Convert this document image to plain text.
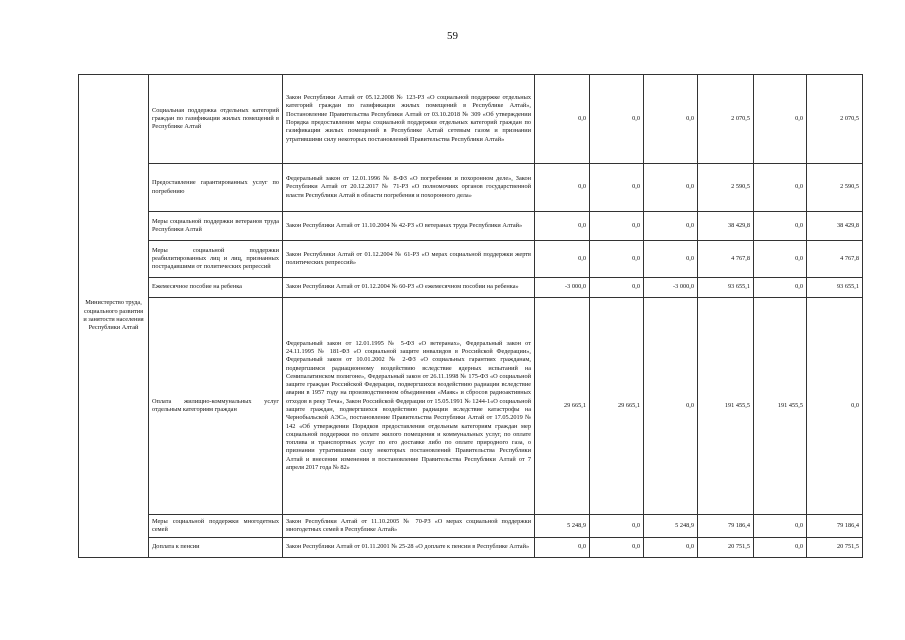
59
Министерство труда, социального развития и занятости населения Республики Алтай	Социальная поддержка отдельных категорий граждан по газификации жилых помещений в Республике Алтай	Закон Республики Алтай от 05.12.2008 № 123-РЗ «О социальной поддержке отдельных категорий граждан по газификации жилых помещений в Республике Алтай», Постановление Правительства Республики Алтай от 03.10.2018 № 309 «Об утверждении Порядка предоставления меры социальной поддержки отдельных категорий граждан по газификации жилых помещений в Республике Алтай сетевым газом и признании утратившими силу некоторых постановлений Правительства Республики Алтай»	0,0	0,0	0,0	2 070,5	0,0	2 070,5
	Предоставление гарантированных услуг по погребению	Федеральный закон от 12.01.1996 № 8-ФЗ «О погребении и похоронном деле», Закон Республики Алтай от 20.12.2017 № 71-РЗ «О полномочиях органов государственной власти Республики Алтай в области погребения и похоронного дела»	0,0	0,0	0,0	2 590,5	0,0	2 590,5
	Меры социальной поддержки ветеранов труда Республики Алтай	Закон Республики Алтай от 11.10.2004 № 42-РЗ «О ветеранах труда Республики Алтай»	0,0	0,0	0,0	38 429,8	0,0	38 429,8
	Меры социальной поддержки реабилитированных лиц и лиц, признанных пострадавшими от политических репрессий	Закон Республики Алтай от 01.12.2004 № 61-РЗ «О мерах социальной поддержки жертв политических репрессий»	0,0	0,0	0,0	4 767,8	0,0	4 767,8
	Ежемесячное пособие на ребенка	Закон Республики Алтай от 01.12.2004 № 60-РЗ «О ежемесячном пособии на ребенка»	-3 000,0	0,0	-3 000,0	93 655,1	0,0	93 655,1
	Оплата жилищно-коммунальных услуг отдельным категориям граждан	Федеральный закон от 12.01.1995 № 5-ФЗ «О ветеранах», Федеральный закон от 24.11.1995 № 181-ФЗ «О социальной защите инвалидов в Российской Федерации», Федеральный закон от 10.01.2002 № 2-ФЗ «О социальных гарантиях гражданам, подвергшимся радиационному воздействию вследствие ядерных испытаний на Семипалатинском полигоне», Федеральный закон от 26.11.1998 № 175-ФЗ «О социальной защите граждан Российской Федерации, подвергшихся воздействию радиации вследствие аварии в 1957 году на производственном объединении «Маяк» и сбросов радиоактивных отходов в реку Теча», Закон Российской Федерации от 15.05.1991 № 1244-1«О социальной защите граждан, подвергшихся воздействию радиации вследствие катастрофы на Чернобыльской АЭС», постановление Правительства Республики Алтай от 17.05.2019 № 142 «Об утверждении Порядков предоставления отдельным категориям граждан мер социальной поддержки по оплате жилого помещения и коммунальных услуг, по оплате топлива и транспортных услуг по его доставке либо по оплате природного газа, о признании утратившими силу некоторых постановлений Правительства Республики Алтай и внесении изменения в постановление Правительства Республики Алтай от 7 апреля 2017 года № 82»	29 665,1	29 665,1	0,0	191 455,5	191 455,5	0,0
	Меры социальной поддержки многодетных семей	Закон Республики Алтай от 11.10.2005 № 70-РЗ «О мерах социальной поддержки многодетных семей в Республике Алтай»	5 248,9	0,0	5 248,9	79 186,4	0,0	79 186,4
	Доплата к пенсии	Закон Республики Алтай от 01.11.2001 № 25-28 «О доплате к пенсии в Республике Алтай»	0,0	0,0	0,0	20 751,5	0,0	20 751,5
